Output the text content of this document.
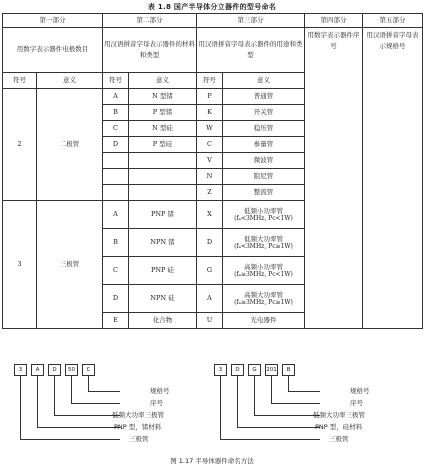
表 1.8 国产半导体分立器件的型号命名
第一部分		第二部分		第三部分		第四部分	第五部分
用数字表示器件电极数目		用汉语拼音字母表示器件的材料和类型		用汉语拼音字母表示器件的用途和类型		用数字表示器件序号	用汉语拼音字母表示规格号
符号	意义	符号	意义	符号	意义		
2	二极管	A	N 型锗	P	普通管		
		B	P 型锗	K	开关管		
		C	N 型硅	W	稳压管		
		D	P 型硅	C	参量管		
				V	微波管		
				N	阻尼管		
				Z	整流管		
3	三极管	A	PNP 锗	X	低频小功率管
(fₐ<3MHz, Pᴄ<1W)		

		B	NPN 锗	D	低频大功率管
(fₐ<3MHz, Pᴄ≥1W)		

		C	PNP 硅	G	高频小功率管
(fₐ≥3MHz, Pᴄ<1W)		

		D	NPN 硅	A	高频大功率管
(fₐ≥3MHz, Pᴄ≥1W)		

		E	化合物	U	光电器件		
3	A	D	50	C
规格号
序号
低频大功率三极管
PNP 型，锗材料
三极管
3	D	G	201	B
规格号
序号
低频大功率三极管
PNP 型，硅材料
三极管
图 1.17 半导体器件命名方法
